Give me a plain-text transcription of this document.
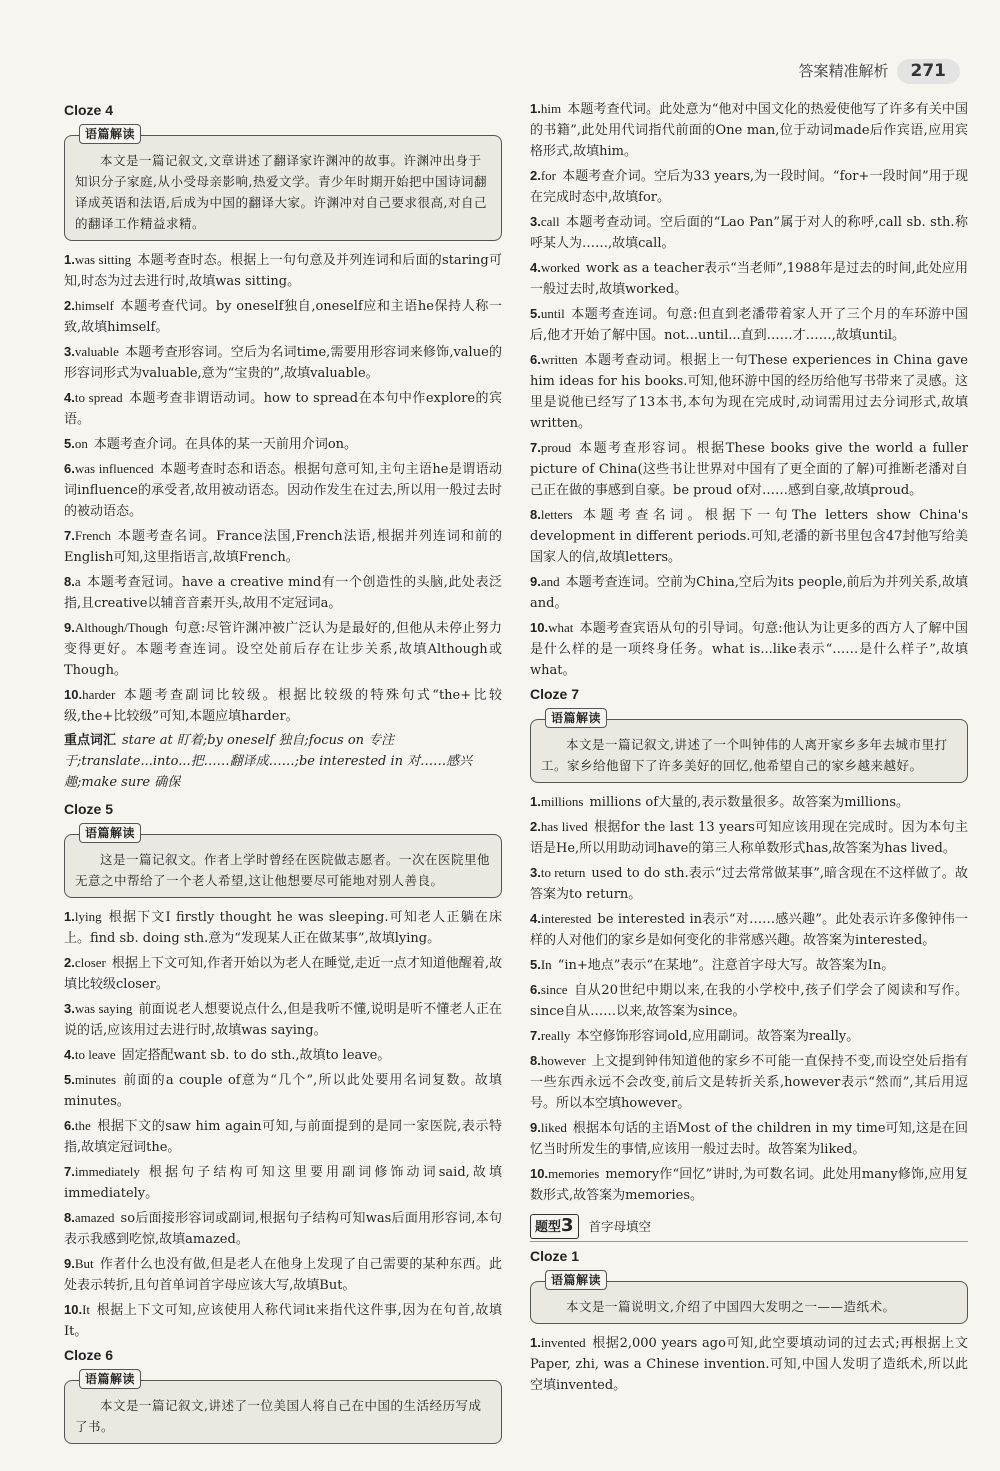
答案精准解析	271
Cloze 4
语篇解读
本文是一篇记叙文,文章讲述了翻译家许渊冲的故事。许渊冲出身于知识分子家庭,从小受母亲影响,热爱文学。青少年时期开始把中国诗词翻译成英语和法语,后成为中国的翻译大家。许渊冲对自己要求很高,对自己的翻译工作精益求精。
1.was sitting 本题考查时态。根据上一句句意及并列连词和后面的staring可知,时态为过去进行时,故填was sitting。
2.himself 本题考查代词。by oneself独自,oneself应和主语he保持人称一致,故填himself。
3.valuable 本题考查形容词。空后为名词time,需要用形容词来修饰,value的形容词形式为valuable,意为“宝贵的”,故填valuable。
4.to spread 本题考查非谓语动词。how to spread在本句中作explore的宾语。
5.on 本题考查介词。在具体的某一天前用介词on。
6.was influenced 本题考查时态和语态。根据句意可知,主句主语he是谓语动词influence的承受者,故用被动语态。因动作发生在过去,所以用一般过去时的被动语态。
7.French 本题考查名词。France法国,French法语,根据并列连词和前的English可知,这里指语言,故填French。
8.a 本题考查冠词。have a creative mind有一个创造性的头脑,此处表泛指,且creative以辅音音素开头,故用不定冠词a。
9.Although/Though 句意:尽管许渊冲被广泛认为是最好的,但他从未停止努力变得更好。本题考查连词。设空处前后存在让步关系,故填Although或Though。
10.harder 本题考查副词比较级。根据比较级的特殊句式“the+比较级,the+比较级”可知,本题应填harder。
重点词汇 stare at 盯着;by oneself 独自;focus on 专注于;translate...into...把……翻译成……;be interested in 对……感兴趣;make sure 确保
Cloze 5
语篇解读
这是一篇记叙文。作者上学时曾经在医院做志愿者。一次在医院里他无意之中帮给了一个老人希望,这让他想要尽可能地对别人善良。
1.lying 根据下文I firstly thought he was sleeping.可知老人正躺在床上。find sb. doing sth.意为“发现某人正在做某事”,故填lying。
2.closer 根据上下文可知,作者开始以为老人在睡觉,走近一点才知道他醒着,故填比较级closer。
3.was saying 前面说老人想要说点什么,但是我听不懂,说明是听不懂老人正在说的话,应该用过去进行时,故填was saying。
4.to leave 固定搭配want sb. to do sth.,故填to leave。
5.minutes 前面的a couple of意为“几个”,所以此处要用名词复数。故填minutes。
6.the 根据下文的saw him again可知,与前面提到的是同一家医院,表示特指,故填定冠词the。
7.immediately 根据句子结构可知这里要用副词修饰动词said,故填immediately。
8.amazed so后面接形容词或副词,根据句子结构可知was后面用形容词,本句表示我感到吃惊,故填amazed。
9.But 作者什么也没有做,但是老人在他身上发现了自己需要的某种东西。此处表示转折,且句首单词首字母应该大写,故填But。
10.It 根据上下文可知,应该使用人称代词it来指代这件事,因为在句首,故填It。
Cloze 6
语篇解读
本文是一篇记叙文,讲述了一位美国人将自己在中国的生活经历写成了书。
1.him 本题考查代词。此处意为“他对中国文化的热爱使他写了许多有关中国的书籍”,此处用代词指代前面的One man,位于动词made后作宾语,应用宾格形式,故填him。
2.for 本题考查介词。空后为33 years,为一段时间。“for+一段时间”用于现在完成时态中,故填for。
3.call 本题考查动词。空后面的“Lao Pan”属于对人的称呼,call sb. sth.称呼某人为……,故填call。
4.worked work as a teacher表示“当老师”,1988年是过去的时间,此处应用一般过去时,故填worked。
5.until 本题考查连词。句意:但直到老潘带着家人开了三个月的车环游中国后,他才开始了解中国。not...until...直到……才……,故填until。
6.written 本题考查动词。根据上一句These experiences in China gave him ideas for his books.可知,他环游中国的经历给他写书带来了灵感。这里是说他已经写了13本书,本句为现在完成时,动词需用过去分词形式,故填written。
7.proud 本题考查形容词。根据These books give the world a fuller picture of China(这些书让世界对中国有了更全面的了解)可推断老潘对自己正在做的事感到自豪。be proud of对……感到自豪,故填proud。
8.letters 本题考查名词。根据下一句The letters show China's development in different periods.可知,老潘的新书里包含47封他写给美国家人的信,故填letters。
9.and 本题考查连词。空前为China,空后为its people,前后为并列关系,故填and。
10.what 本题考查宾语从句的引导词。句意:他认为让更多的西方人了解中国是什么样的是一项终身任务。what is...like表示“……是什么样子”,故填what。
Cloze 7
语篇解读
本文是一篇记叙文,讲述了一个叫钟伟的人离开家乡多年去城市里打工。家乡给他留下了许多美好的回忆,他希望自己的家乡越来越好。
1.millions millions of大量的,表示数量很多。故答案为millions。
2.has lived 根据for the last 13 years可知应该用现在完成时。因为本句主语是He,所以用助动词have的第三人称单数形式has,故答案为has lived。
3.to return used to do sth.表示“过去常常做某事”,暗含现在不这样做了。故答案为to return。
4.interested be interested in表示“对……感兴趣”。此处表示许多像钟伟一样的人对他们的家乡是如何变化的非常感兴趣。故答案为interested。
5.In “in+地点”表示“在某地”。注意首字母大写。故答案为In。
6.since 自从20世纪中期以来,在我的小学校中,孩子们学会了阅读和写作。since自从……以来,故答案为since。
7.really 本空修饰形容词old,应用副词。故答案为really。
8.however 上文提到钟伟知道他的家乡不可能一直保持不变,而设空处后指有一些东西永远不会改变,前后文是转折关系,however表示“然而”,其后用逗号。所以本空填however。
9.liked 根据本句话的主语Most of the children in my time可知,这是在回忆当时所发生的事情,应该用一般过去时。故答案为liked。
10.memories memory作“回忆”讲时,为可数名词。此处用many修饰,应用复数形式,故答案为memories。
题型3	首字母填空
Cloze 1
语篇解读
本文是一篇说明文,介绍了中国四大发明之一——造纸术。
1.invented 根据2,000 years ago可知,此空要填动词的过去式;再根据上文Paper, zhi, was a Chinese invention.可知,中国人发明了造纸术,所以此空填invented。
